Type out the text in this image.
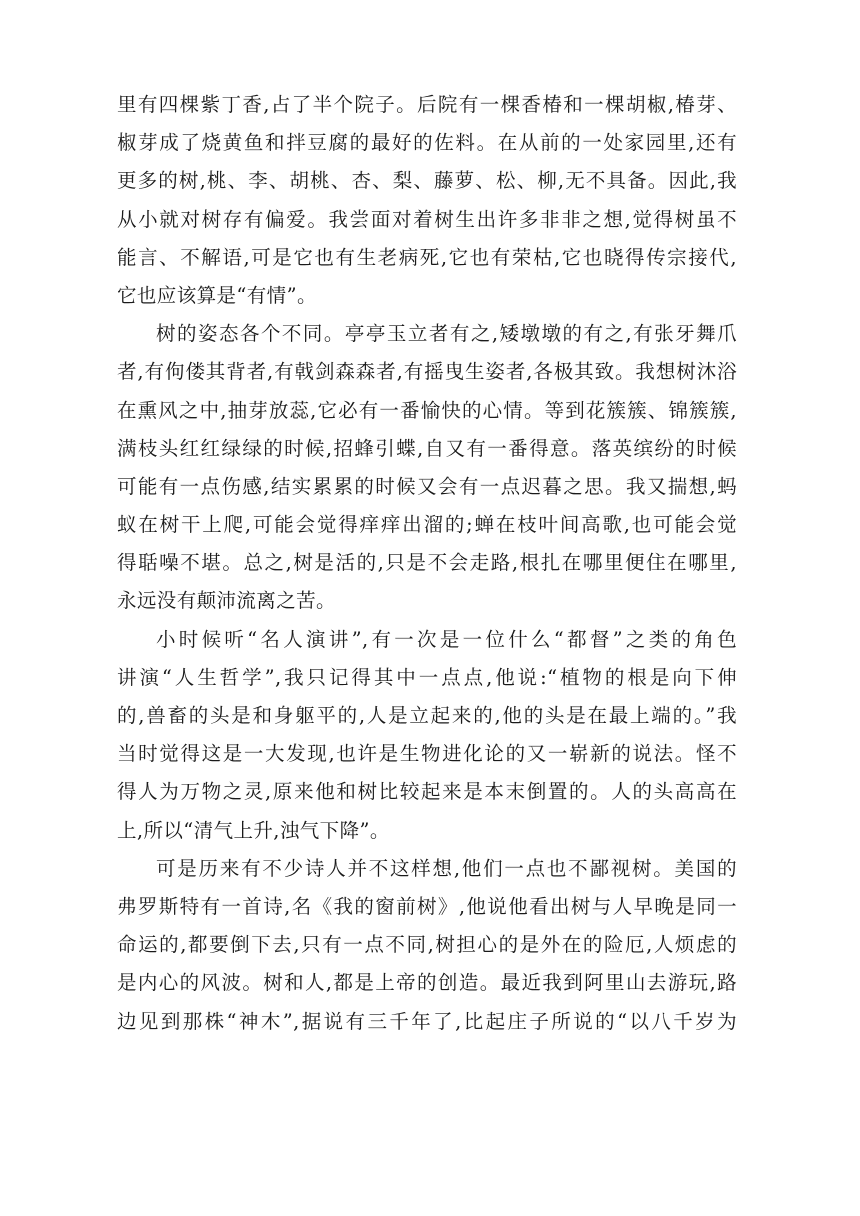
里有四棵紫丁香,占了半个院子。后院有一棵香椿和一棵胡椒,椿芽、
椒芽成了烧黄鱼和拌豆腐的最好的佐料。在从前的一处家园里,还有
更多的树,桃、李、胡桃、杏、梨、藤萝、松、柳,无不具备。因此,我
从小就对树存有偏爱。我尝面对着树生出许多非非之想,觉得树虽不
能言、不解语,可是它也有生老病死,它也有荣枯,它也晓得传宗接代,
它也应该算是“有情”。
树的姿态各个不同。亭亭玉立者有之,矮墩墩的有之,有张牙舞爪
者,有佝偻其背者,有戟剑森森者,有摇曳生姿者,各极其致。我想树沐浴
在熏风之中,抽芽放蕊,它必有一番愉快的心情。等到花簇簇、锦簇簇,
满枝头红红绿绿的时候,招蜂引蝶,自又有一番得意。落英缤纷的时候
可能有一点伤感,结实累累的时候又会有一点迟暮之思。我又揣想,蚂
蚁在树干上爬,可能会觉得痒痒出溜的;蝉在枝叶间高歌,也可能会觉
得聒噪不堪。总之,树是活的,只是不会走路,根扎在哪里便住在哪里,
永远没有颠沛流离之苦。
小时候听“名人演讲”,有一次是一位什么“都督”之类的角色
讲演“人生哲学”,我只记得其中一点点,他说:“植物的根是向下伸
的,兽畜的头是和身躯平的,人是立起来的,他的头是在最上端的。”我
当时觉得这是一大发现,也许是生物进化论的又一崭新的说法。怪不
得人为万物之灵,原来他和树比较起来是本末倒置的。人的头高高在
上,所以“清气上升,浊气下降”。
可是历来有不少诗人并不这样想,他们一点也不鄙视树。美国的
弗罗斯特有一首诗,名《我的窗前树》,他说他看出树与人早晚是同一
命运的,都要倒下去,只有一点不同,树担心的是外在的险厄,人烦虑的
是内心的风波。树和人,都是上帝的创造。最近我到阿里山去游玩,路
边见到那株“神木”,据说有三千年了,比起庄子所说的“以八千岁为
